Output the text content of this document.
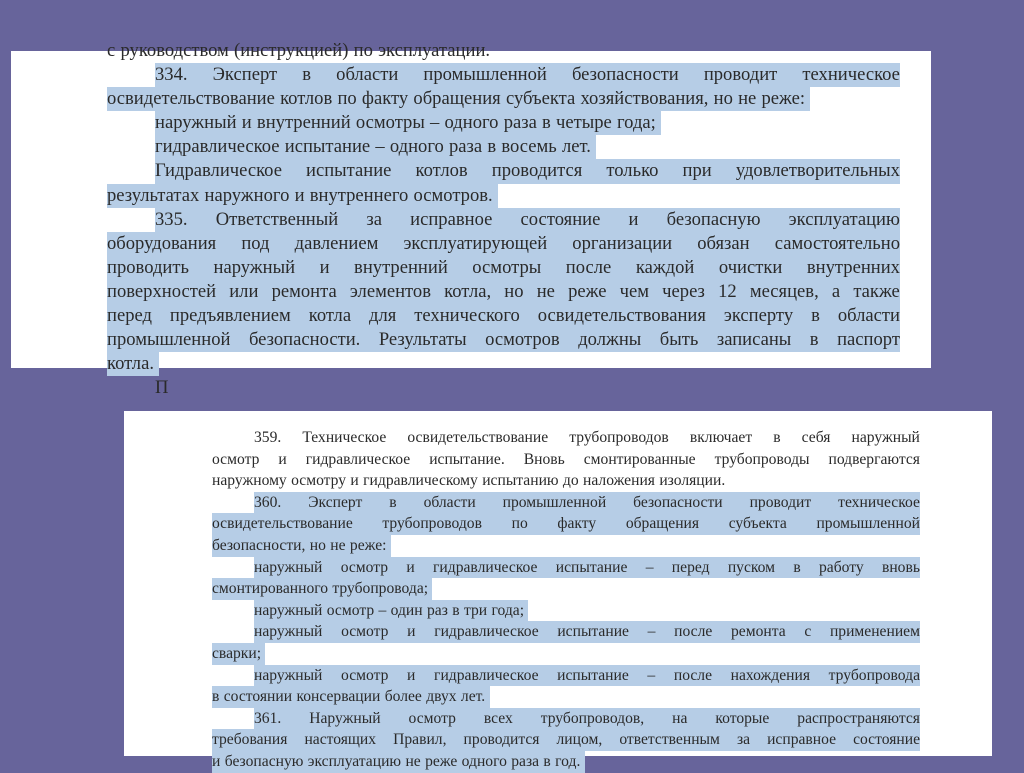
с руководством (инструкцией) по эксплуатации.
334. Эксперт в области промышленной безопасности проводит техническое
освидетельствование котлов по факту обращения субъекта хозяйствования, но не реже:
наружный и внутренний осмотры – одного раза в четыре года;
гидравлическое испытание – одного раза в восемь лет.
Гидравлическое испытание котлов проводится только при удовлетворительных
результатах наружного и внутреннего осмотров.
335. Ответственный за исправное состояние и безопасную эксплуатацию
оборудования под давлением эксплуатирующей организации обязан самостоятельно
проводить наружный и внутренний осмотры после каждой очистки внутренних
поверхностей или ремонта элементов котла, но не реже чем через 12 месяцев, а также
перед предъявлением котла для технического освидетельствования эксперту в области
промышленной безопасности. Результаты осмотров должны быть записаны в паспорт
котла.
П
359. Техническое освидетельствование трубопроводов включает в себя наружный
осмотр и гидравлическое испытание. Вновь смонтированные трубопроводы подвергаются
наружному осмотру и гидравлическому испытанию до наложения изоляции.
360. Эксперт в области промышленной безопасности проводит техническое
освидетельствование трубопроводов по факту обращения субъекта промышленной
безопасности, но не реже:
наружный осмотр и гидравлическое испытание – перед пуском в работу вновь
смонтированного трубопровода;
наружный осмотр – один раз в три года;
наружный осмотр и гидравлическое испытание – после ремонта с применением
сварки;
наружный осмотр и гидравлическое испытание – после нахождения трубопровода
в состоянии консервации более двух лет.
361. Наружный осмотр всех трубопроводов, на которые распространяются
требования настоящих Правил, проводится лицом, ответственным за исправное состояние
и безопасную эксплуатацию не реже одного раза в год.
